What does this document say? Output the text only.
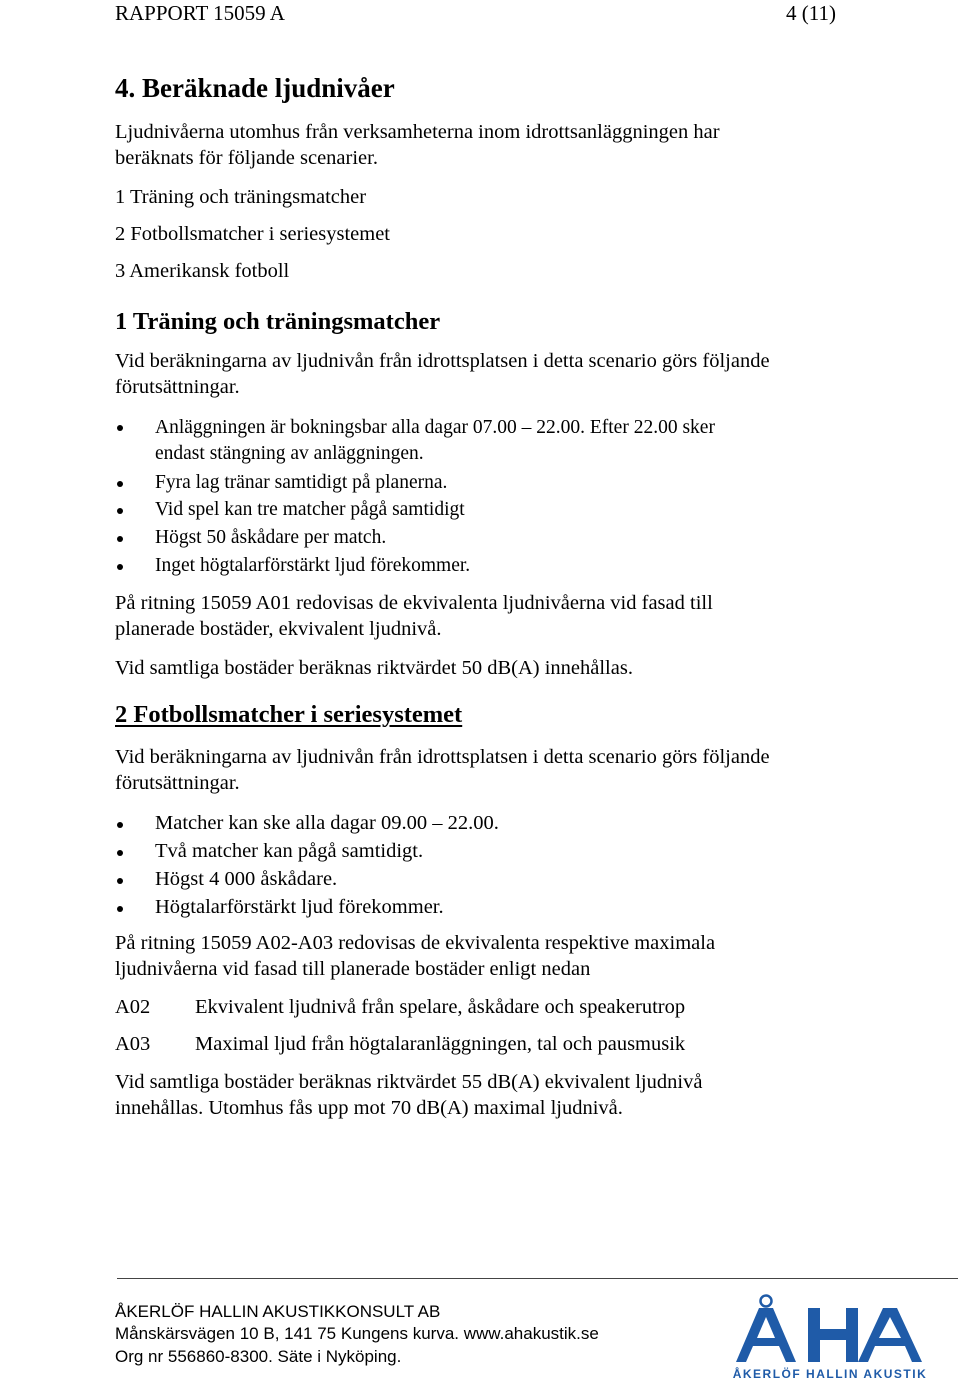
RAPPORT 15059 A	4 (11)
4. Beräknade ljudnivåer
Ljudnivåerna utomhus från verksamheterna inom idrottsanläggningen har
beräknats för följande scenarier.
1 Träning och träningsmatcher
2 Fotbollsmatcher i seriesystemet
3 Amerikansk fotboll
1 Träning och träningsmatcher
Vid beräkningarna av ljudnivån från idrottsplatsen i detta scenario görs följande
förutsättningar.
Anläggningen är bokningsbar alla dagar 07.00 – 22.00. Efter 22.00 sker
endast stängning av anläggningen.
Fyra lag tränar samtidigt på planerna.
Vid spel kan tre matcher pågå samtidigt
Högst 50 åskådare per match.
Inget högtalarförstärkt ljud förekommer.
På ritning 15059 A01 redovisas de ekvivalenta ljudnivåerna vid fasad till
planerade bostäder, ekvivalent ljudnivå.
Vid samtliga bostäder beräknas riktvärdet 50 dB(A) innehållas.
2 Fotbollsmatcher i seriesystemet
Vid beräkningarna av ljudnivån från idrottsplatsen i detta scenario görs följande
förutsättningar.
Matcher kan ske alla dagar 09.00 – 22.00.
Två matcher kan pågå samtidigt.
Högst 4 000 åskådare.
Högtalarförstärkt ljud förekommer.
På ritning 15059 A02-A03 redovisas de ekvivalenta respektive maximala
ljudnivåerna vid fasad till planerade bostäder enligt nedan
A02 Ekvivalent ljudnivå från spelare, åskådare och speakerutrop
A03 Maximal ljud från högtalaranläggningen, tal och pausmusik
Vid samtliga bostäder beräknas riktvärdet 55 dB(A) ekvivalent ljudnivå
innehållas. Utomhus fås upp mot 70 dB(A) maximal ljudnivå.
ÅKERLÖF HALLIN AKUSTIKKONSULT AB
Månskärsvägen 10 B, 141 75 Kungens kurva. www.ahakustik.se
Org nr 556860-8300. Säte i Nyköping.
ÅKERLÖF HALLIN AKUSTIK
